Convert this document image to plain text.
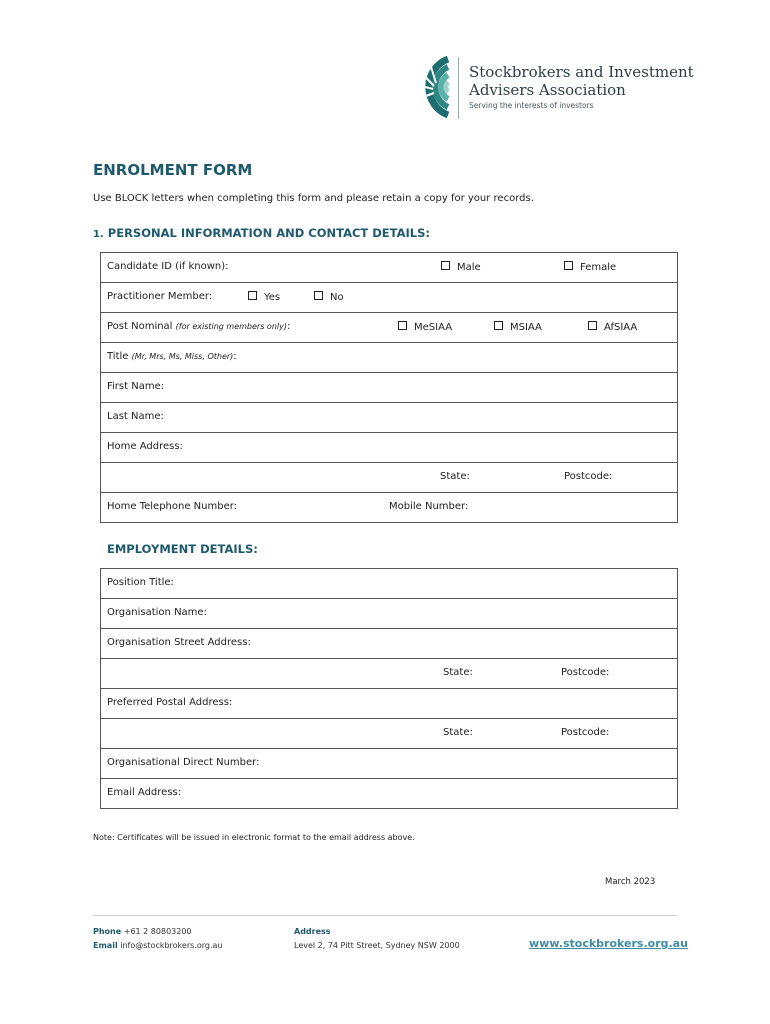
Stockbrokers and Investment
Advisers Association
Serving the interests of investors
ENROLMENT FORM
Use BLOCK letters when completing this form and please retain a copy for your records.
1. PERSONAL INFORMATION AND CONTACT DETAILS:
Candidate ID (if known):	Male	Female

Practitioner Member:	Yes	No

Post Nominal (for existing members only):	MeSIAA	MSIAA	AfSIAA

Title (Mr, Mrs, Ms, Miss, Other):

First Name:

Last Name:

Home Address:

State:	Postcode:

Home Telephone Number:	Mobile Number:
EMPLOYMENT DETAILS:
Position Title:

Organisation Name:

Organisation Street Address:

State:	Postcode:

Preferred Postal Address:

State:	Postcode:

Organisational Direct Number:

Email Address:
Note: Certificates will be issued in electronic format to the email address above.
March 2023
Phone +61 2 80803200
Email info@stockbrokers.org.au
Address
Level 2, 74 Pitt Street, Sydney NSW 2000	www.stockbrokers.org.au
